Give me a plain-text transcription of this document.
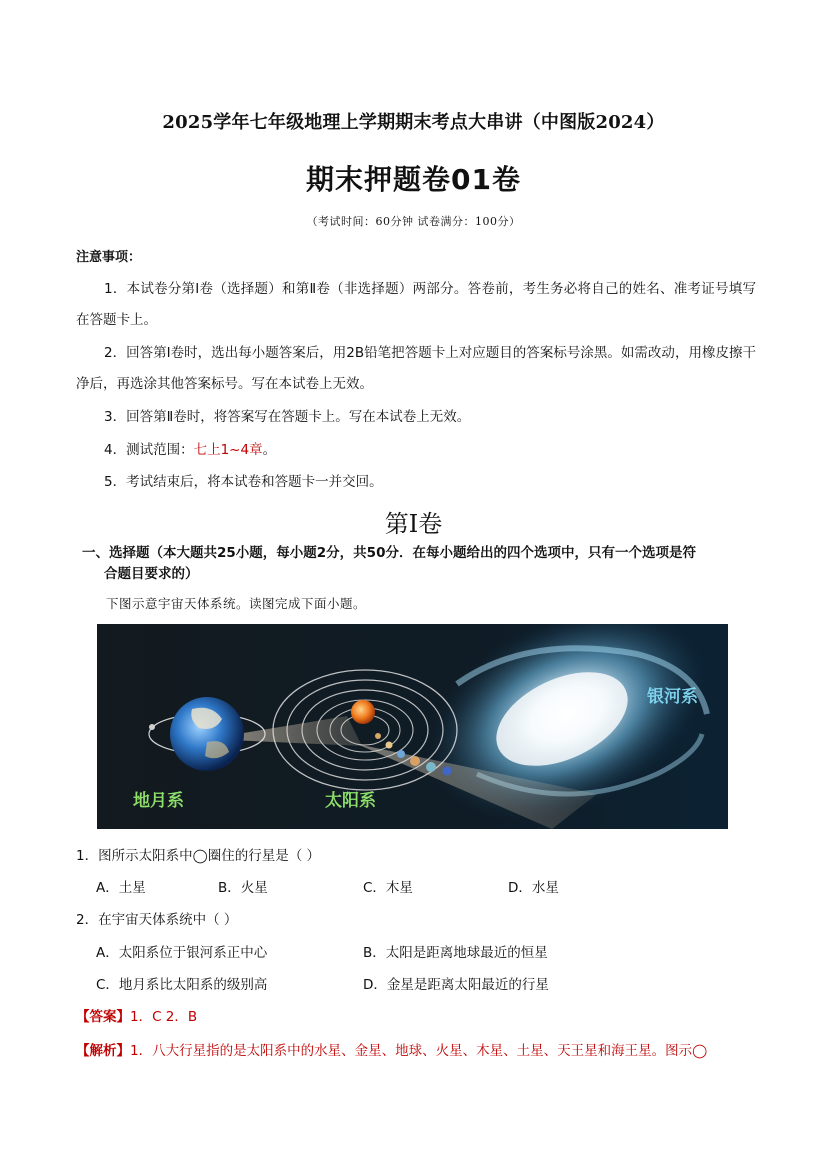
2025学年七年级地理上学期期末考点大串讲（中图版2024）
期末押题卷01卷
（考试时间：60分钟 试卷满分：100分）
注意事项：
1．本试卷分第Ⅰ卷（选择题）和第Ⅱ卷（非选择题）两部分。答卷前，考生务必将自己的姓名、准考证号填写在答题卡上。
2．回答第Ⅰ卷时，选出每小题答案后，用2B铅笔把答题卡上对应题目的答案标号涂黑。如需改动，用橡皮擦干净后，再选涂其他答案标号。写在本试卷上无效。
3．回答第Ⅱ卷时，将答案写在答题卡上。写在本试卷上无效。
4．测试范围：七上1~4章。
5．考试结束后，将本试卷和答题卡一并交回。
第Ⅰ卷
一、选择题（本大题共25小题，每小题2分，共50分．在每小题给出的四个选项中，只有一个选项是符
合题目要求的）
下图示意宇宙天体系统。读图完成下面小题。
地月系	太阳系
银河系
1．图所示太阳系中◯圈住的行星是（ ）
A．土星	B．火星	C．木星	D．水星
2．在宇宙天体系统中（ ）
A．太阳系位于银河系正中心	B．太阳是距离地球最近的恒星
C．地月系比太阳系的级别高	D．金星是距离太阳最近的行星
【答案】1．C 2．B
【解析】1．八大行星指的是太阳系中的水星、金星、地球、火星、木星、土星、天王星和海王星。图示◯
